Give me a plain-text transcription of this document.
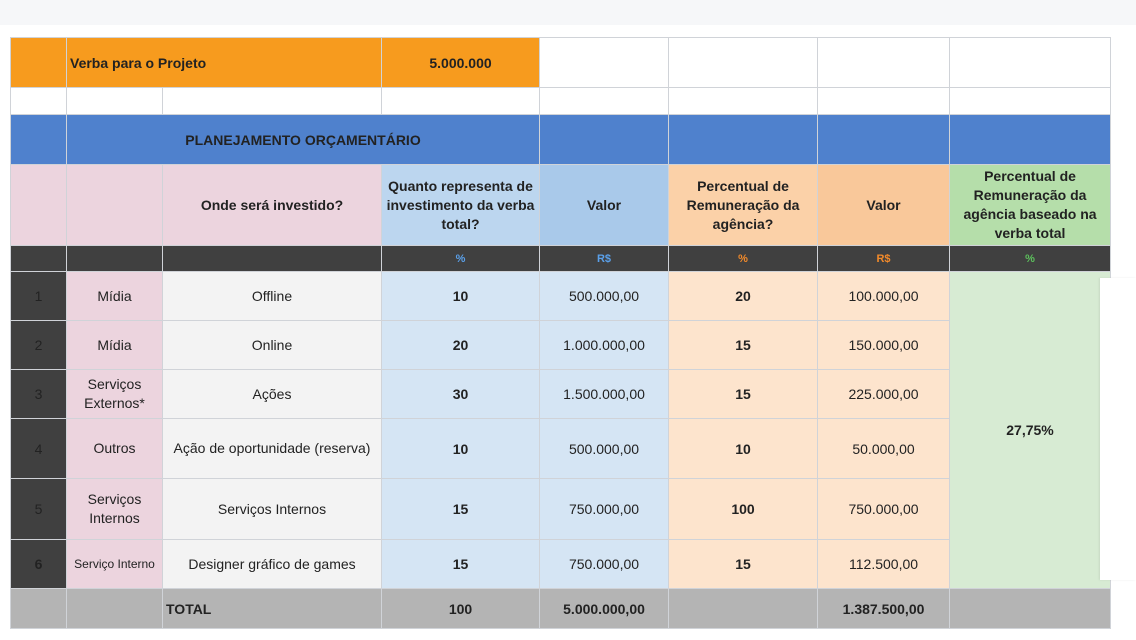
	Verba para o Projeto		5.000.000				

	PLANEJAMENTO ORÇAMENTÁRIO						
		Onde será investido?	Quanto representa de investimento da verba total?	Valor	Percentual de Remuneração da agência?	Valor	Percentual de Remuneração da agência baseado na verba total
			%	R$	%	R$	%
1	Mídia	Offline	10	500.000,00	20	100.000,00	27,75%
2	Mídia	Online	20	1.000.000,00	15	150.000,00	
3	Serviços Externos*	Ações	30	1.500.000,00	15	225.000,00	
4	Outros	Ação de oportunidade (reserva)	10	500.000,00	10	50.000,00	
5	Serviços Internos	Serviços Internos	15	750.000,00	100	750.000,00	
6	Serviço Interno	Designer gráfico de games	15	750.000,00	15	112.500,00	
		TOTAL	100	5.000.000,00		1.387.500,00	
